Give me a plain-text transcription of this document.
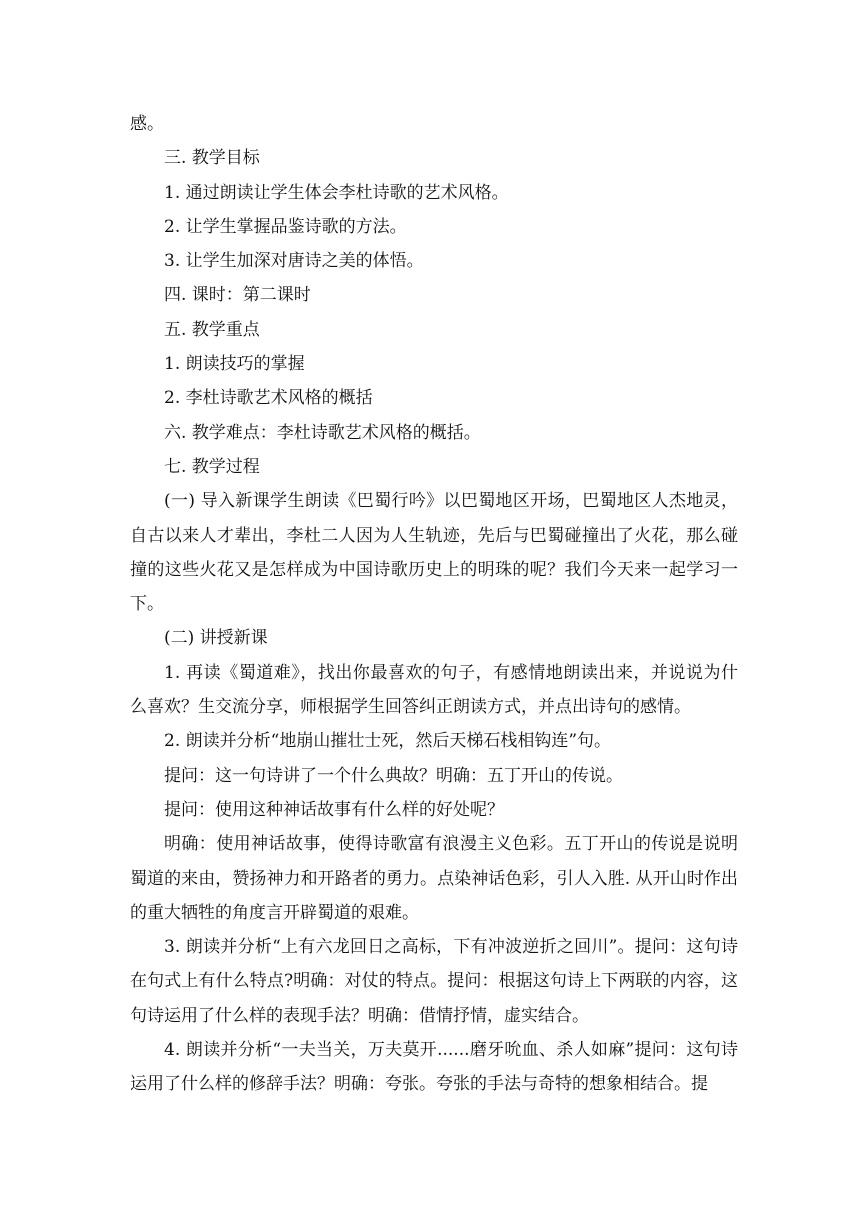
感。

三. 教学目标

1. 通过朗读让学生体会李杜诗歌的艺术风格。

2. 让学生掌握品鉴诗歌的方法。

3. 让学生加深对唐诗之美的体悟。

四. 课时：第二课时

五. 教学重点

1. 朗读技巧的掌握

2. 李杜诗歌艺术风格的概括

六. 教学难点：李杜诗歌艺术风格的概括。

七. 教学过程

(一) 导入新课学生朗读《巴蜀行吟》以巴蜀地区开场，巴蜀地区人杰地灵，自古以来人才辈出，李杜二人因为人生轨迹，先后与巴蜀碰撞出了火花，那么碰撞的这些火花又是怎样成为中国诗歌历史上的明珠的呢？我们今天来一起学习一下。

(二) 讲授新课

1. 再读《蜀道难》，找出你最喜欢的句子，有感情地朗读出来，并说说为什么喜欢？生交流分享，师根据学生回答纠正朗读方式，并点出诗句的感情。

2. 朗读并分析“地崩山摧壮士死，然后天梯石栈相钩连”句。

提问：这一句诗讲了一个什么典故？明确：五丁开山的传说。

提问：使用这种神话故事有什么样的好处呢？

明确：使用神话故事，使得诗歌富有浪漫主义色彩。五丁开山的传说是说明蜀道的来由，赞扬神力和开路者的勇力。点染神话色彩，引人入胜. 从开山时作出的重大牺牲的角度言开辟蜀道的艰难。

3. 朗读并分析“上有六龙回日之高标，下有冲波逆折之回川”。提问：这句诗在句式上有什么特点?明确：对仗的特点。提问：根据这句诗上下两联的内容，这句诗运用了什么样的表现手法？明确：借情抒情，虚实结合。

4. 朗读并分析“一夫当关，万夫莫开......磨牙吮血、杀人如麻”提问：这句诗运用了什么样的修辞手法？明确：夸张。夸张的手法与奇特的想象相结合。提
